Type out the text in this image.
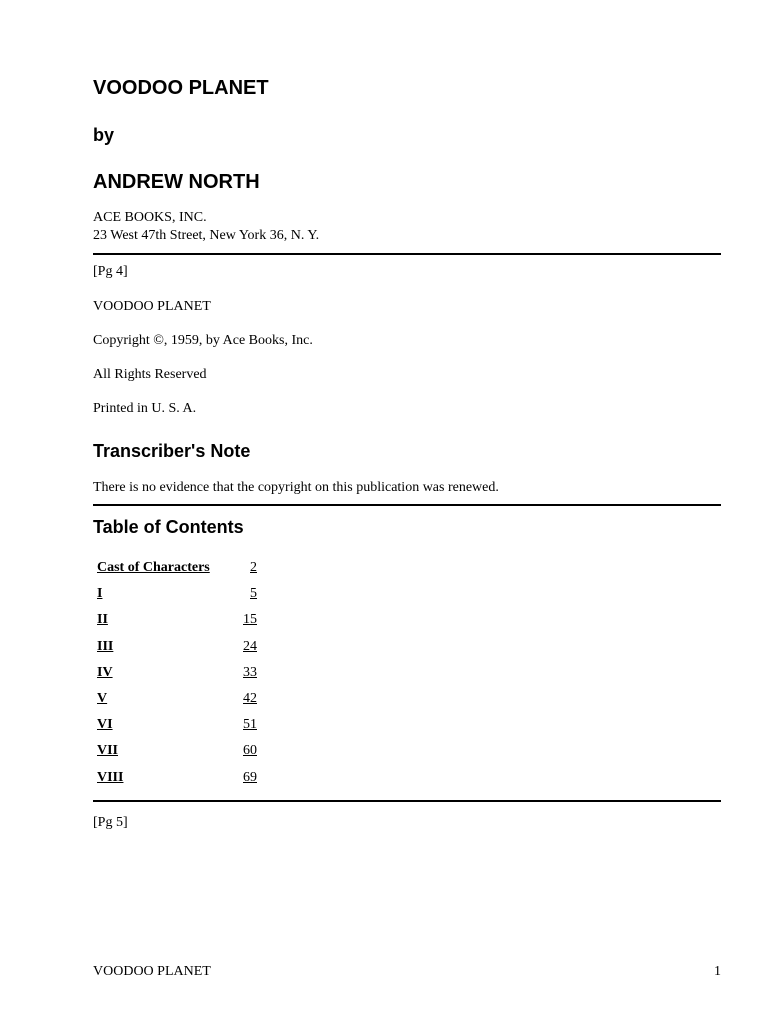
VOODOO PLANET
by
ANDREW NORTH
ACE BOOKS, INC.
23 West 47th Street, New York 36, N. Y.
[Pg 4]
VOODOO PLANET
Copyright ©, 1959, by Ace Books, Inc.
All Rights Reserved
Printed in U. S. A.
Transcriber's Note
There is no evidence that the copyright on this publication was renewed.
Table of Contents
Cast of Characters	2
I	5
II	15
III	24
IV	33
V	42
VI	51
VII	60
VIII	69
[Pg 5]
VOODOO PLANET	1
